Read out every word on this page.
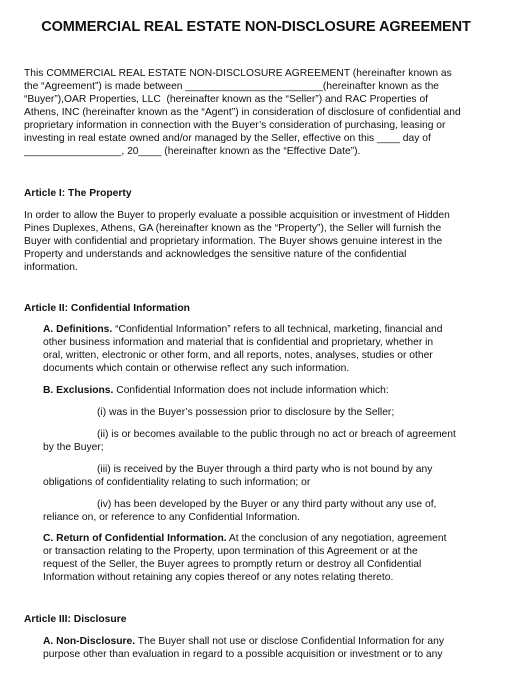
COMMERCIAL REAL ESTATE NON-DISCLOSURE AGREEMENT
This COMMERCIAL REAL ESTATE NON-DISCLOSURE AGREEMENT (hereinafter known as
the “Agreement”) is made between ________________________(hereinafter known as the
“Buyer”),OAR Properties, LLC  (hereinafter known as the “Seller”) and RAC Properties of
Athens, INC (hereinafter known as the “Agent”) in consideration of disclosure of confidential and
proprietary information in connection with the Buyer’s consideration of purchasing, leasing or
investing in real estate owned and/or managed by the Seller, effective on this ____ day of
_________________, 20____ (hereinafter known as the “Effective Date”).
Article I: The Property
In order to allow the Buyer to properly evaluate a possible acquisition or investment of Hidden
Pines Duplexes, Athens, GA (hereinafter known as the “Property”), the Seller will furnish the
Buyer with confidential and proprietary information. The Buyer shows genuine interest in the
Property and understands and acknowledges the sensitive nature of the confidential
information.
Article II: Confidential Information
A. Definitions. “Confidential Information” refers to all technical, marketing, financial and
other business information and material that is confidential and proprietary, whether in
oral, written, electronic or other form, and all reports, notes, analyses, studies or other
documents which contain or otherwise reflect any such information.
B. Exclusions. Confidential Information does not include information which:
(i) was in the Buyer’s possession prior to disclosure by the Seller;
(ii) is or becomes available to the public through no act or breach of agreement
by the Buyer;
(iii) is received by the Buyer through a third party who is not bound by any
obligations of confidentiality relating to such information; or
(iv) has been developed by the Buyer or any third party without any use of,
reliance on, or reference to any Confidential Information.
C. Return of Confidential Information. At the conclusion of any negotiation, agreement
or transaction relating to the Property, upon termination of this Agreement or at the
request of the Seller, the Buyer agrees to promptly return or destroy all Confidential
Information without retaining any copies thereof or any notes relating thereto.
Article III: Disclosure
A. Non-Disclosure. The Buyer shall not use or disclose Confidential Information for any
purpose other than evaluation in regard to a possible acquisition or investment or to any
